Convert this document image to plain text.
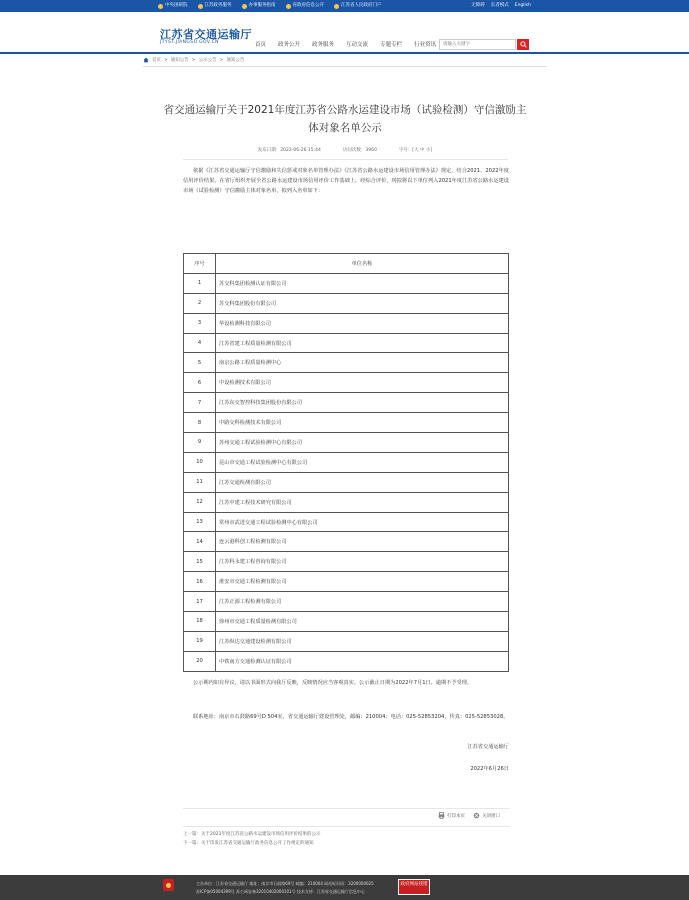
中央国研院	江苏政务服务	办事服务指南	省政府信息公开	江苏省人民政府门户	无障碍 长者模式 English
江苏省交通运输厅
JTYST.JIANGSU.GOV.CN	首页 政务公开 政务服务 互动交流 专题专栏 行业资讯
请输入关键字
首页 > 通知公告 > 公示公告 > 通知公告
省交通运输厅关于2021年度江苏省公路水运建设市场（试验检测）守信激励主体对象名单公示
发布日期：2022-06-26 15:44	访问次数：3960	字号：[大 中 小]

依据《江苏省交通运输厅守信激励和失信惩戒对象名单管理办法》《江苏省公路水运建设市场信用管理办法》规定，结合2021、2022年度信用评价结果，在省厅组织开展全省公路水运建设市场信用评价工作基础上，经综合评价，现拟将以下单位列入2021年度江苏省公路水运建设市场（试验检测）守信激励主体对象名单，拟列入名单如下：

序号	单位名称
1	苏交科集团检测认证有限公司
2	苏交科集团股份有限公司
3	华设检测科技有限公司
4	江苏省建工程质量检测有限公司
5	南京公路工程质量检测中心
6	中设检测技术有限公司
7	江苏东交智控科技集团股份有限公司
8	中路交科检测技术有限公司
9	苏州交通工程试验检测中心有限公司
10	昆山市交通工程试验检测中心有限公司
11	江苏交通检测有限公司
12	江苏中建工程技术研究有限公司
13	常州市武进交通工程试验检测中心有限公司
14	连云港科创工程检测有限公司
15	江苏科永建工程咨询有限公司
16	淮安市交通工程检测有限公司
17	江苏正源工程检测有限公司
18	徐州市交通工程质量检测有限公司
19	江苏纵达交通建设检测有限公司
20	中铁南方交通检测认证有限公司

公示期内如有异议，请以书面形式向我厅反映，反映情况应当客观真实。公示截止日期为2022年7月1日，逾期不予受理。

联系地址：南京市石鼓路69号D 504室，省交通运输厅建设管理处，邮编：210004；电话：025-52853204，传真：025-52853028。

江苏省交通运输厅
2022年6月26日
打印本页	关闭窗口
上一篇：关于2021年度江苏省公路水运建设市场信用评价结果的公示
下一篇：关于印发江苏省交通运输厅政务信息公开工作规定的通知
主办单位：江苏省交通运输厅 地址：南京市石鼓路69号 邮编：210004 网站标识码：3200000025
苏ICP备05004399号 苏公网安备32010402000101号 技术支持：江苏省交通运输厅信息中心
政府网站找错
